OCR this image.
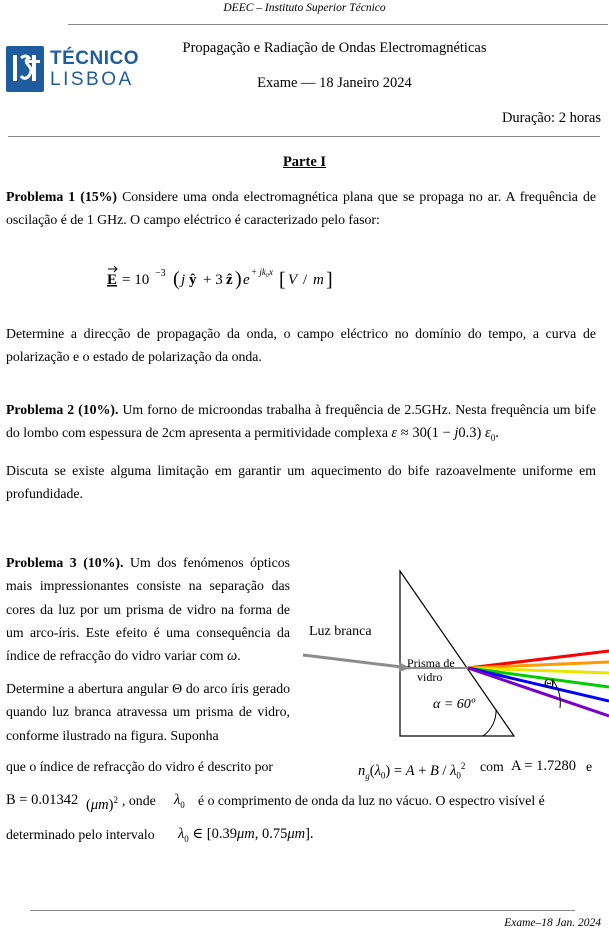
DEEC – Instituto Superior Técnico
TÉCNICO
LISBOA
Propagação e Radiação de Ondas Electromagnéticas
Exame — 18 Janeiro 2024
Duração: 2 horas
Parte I
Problema 1 (15%) Considere uma onda electromagnética plana que se propaga no ar. A frequência de oscilação é de 1 GHz. O campo eléctrico é caracterizado pelo fasor:
E = 10 −3 ( j ŷ + 3 ẑ ) e + jk₀x [ V / m ]
Determine a direcção de propagação da onda, o campo eléctrico no domínio do tempo, a curva de polarização e o estado de polarização da onda.
Problema 2 (10%). Um forno de microondas trabalha à frequência de 2.5GHz. Nesta frequência um bife do lombo com espessura de 2cm apresenta a permitividade complexa ε ≈ 30(1 − j0.3) $\varepsilon_0$.
Discuta se existe alguma limitação em garantir um aquecimento do bife razoavelmente uniforme em profundidade.
Problema 3 (10%). Um dos fenómenos ópticos mais impressionantes consiste na separação das cores da luz por um prisma de vidro na forma de um arco-íris. Este efeito é uma consequência da índice de refracção do vidro variar com ω.
Determine a abertura angular Θ do arco íris gerado quando luz branca atravessa um prisma de vidro, conforme ilustrado na figura. Suponha
Θ
Luz branca
Prisma de
vidro
α = 60º
que o índice de refracção do vidro é descrito por	$n_g(\lambda_0) = A + B / \lambda_0^2$ com A = 1.7280 e
B = 0.01342 $(\mu m)^2$ , onde $\lambda_0$ é o comprimento de onda da luz no vácuo. O espectro visível é
determinado pelo intervalo $\lambda_0$ ∈ [0.39μm, 0.75μm].
Exame–18 Jan. 2024
